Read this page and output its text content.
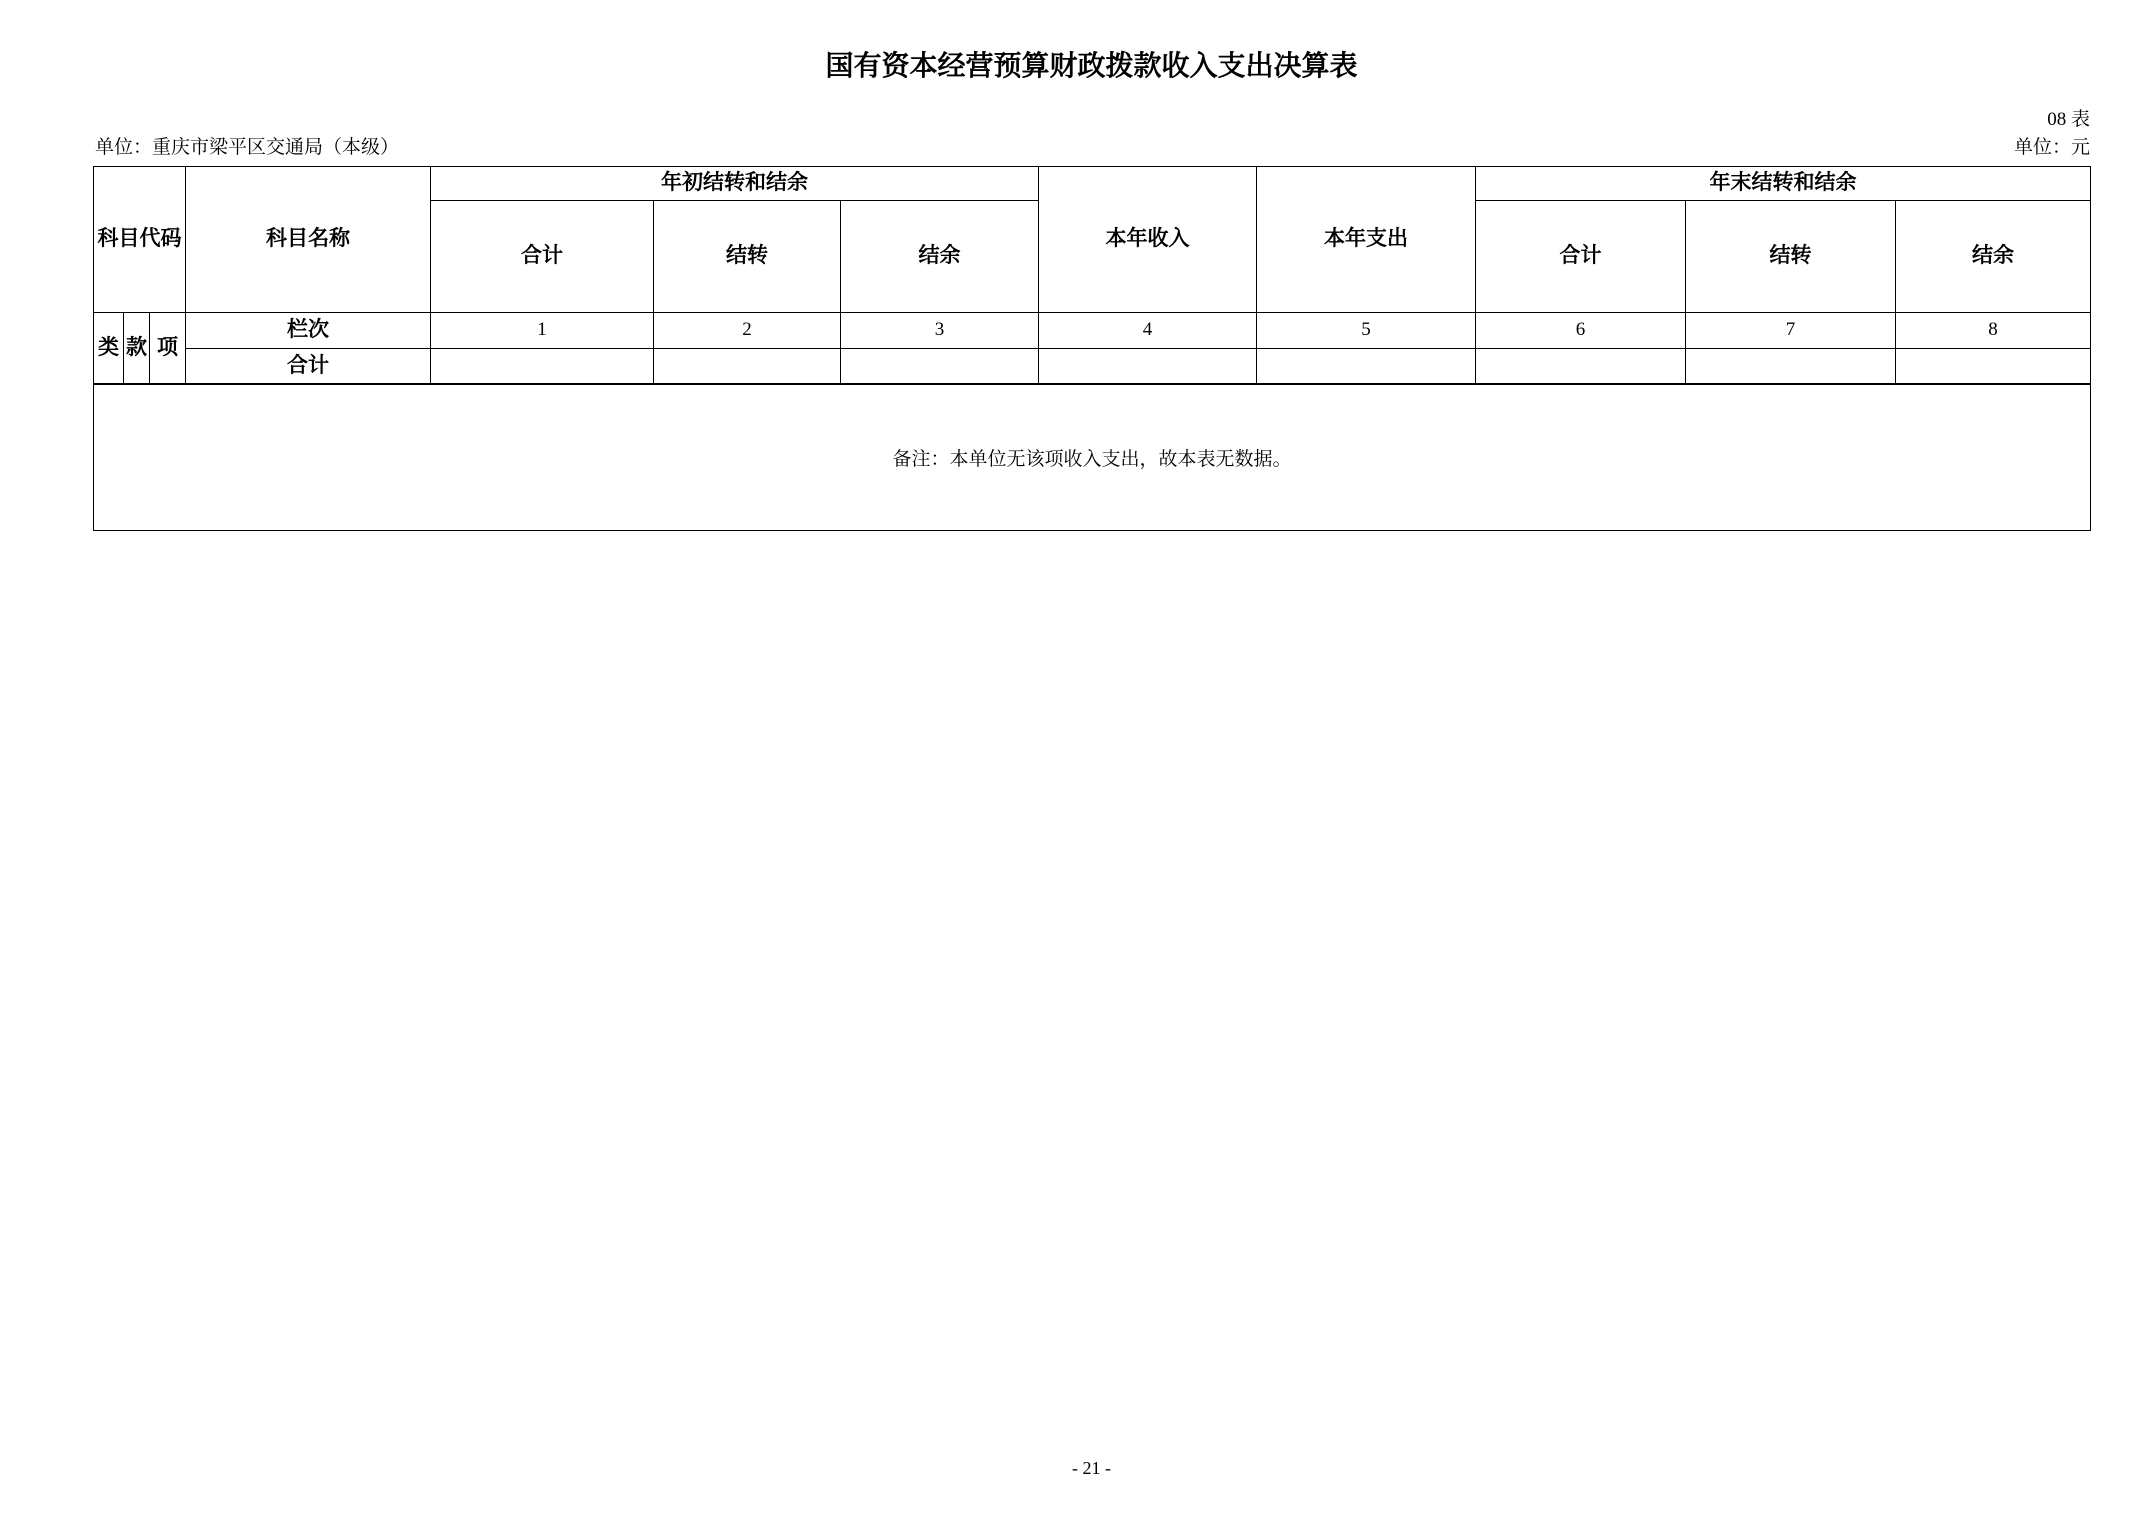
国有资本经营预算财政拨款收入支出决算表
08 表
单位：重庆市梁平区交通局（本级）	单位：元
科目代码			科目名称	年初结转和结余			本年收入	本年支出	年末结转和结余		
				合计	结转	结余			合计	结转	结余
类	款	项	栏次	1	2	3	4	5	6	7	8
			合计								
备注：本单位无该项收入支出，故本表无数据。											
- 21 -
